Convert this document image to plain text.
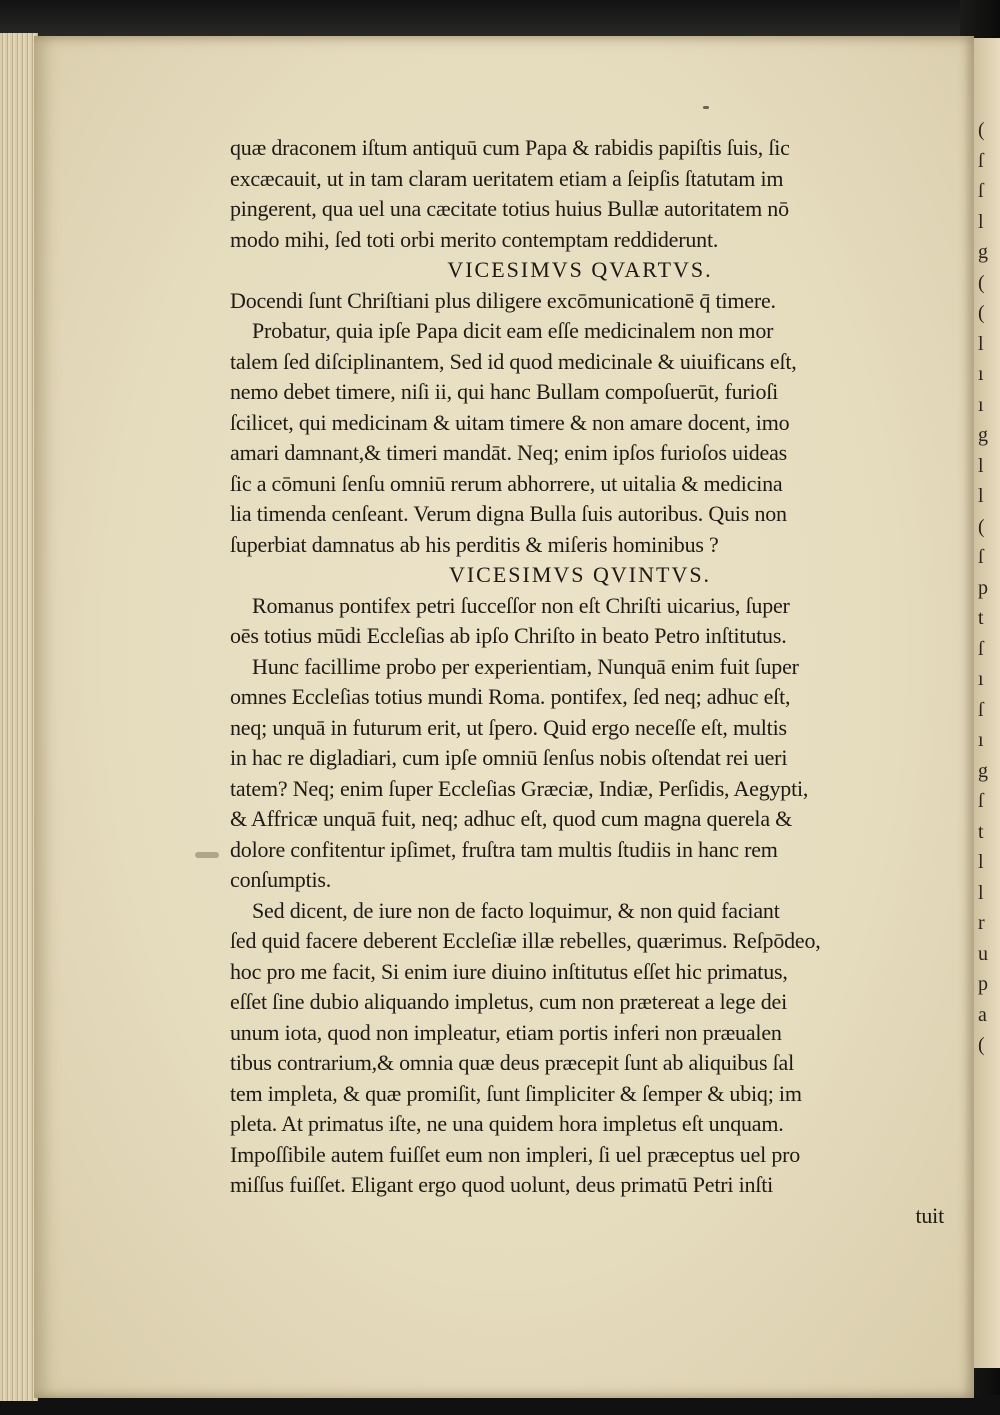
quæ draconem iſtum antiquū cum Papa & rabidis papiſtis ſuis, ſic
excæcauit, ut in tam claram ueritatem etiam a ſeipſis ſtatutam im
pingerent, qua uel una cæcitate totius huius Bullæ autoritatem nō
modo mihi, ſed toti orbi merito contemptam reddiderunt.
VICESIMVS QVARTVS.
Docendi ſunt Chriſtiani plus diligere excōmunicationē q̄ timere.
Probatur, quia ipſe Papa dicit eam eſſe medicinalem non mor
talem ſed diſciplinantem, Sed id quod medicinale & uiuificans eſt,
nemo debet timere, niſi ii, qui hanc Bullam compoſuerūt, furioſi
ſcilicet, qui medicinam & uitam timere & non amare docent, imo
amari damnant,& timeri mandāt. Neq; enim ipſos furioſos uideas
ſic a cōmuni ſenſu omniū rerum abhorrere, ut uitalia & medicina
lia timenda cenſeant. Verum digna Bulla ſuis autoribus. Quis non
ſuperbiat damnatus ab his perditis & miſeris hominibus ?
VICESIMVS QVINTVS.
Romanus pontifex petri ſucceſſor non eſt Chriſti uicarius, ſuper
oēs totius mūdi Eccleſias ab ipſo Chriſto in beato Petro inſtitutus.
Hunc facillime probo per experientiam, Nunquā enim fuit ſuper
omnes Eccleſias totius mundi Roma. pontifex, ſed neq; adhuc eſt,
neq; unquā in futurum erit, ut ſpero. Quid ergo neceſſe eſt, multis
in hac re digladiari, cum ipſe omniū ſenſus nobis oſtendat rei ueri
tatem? Neq; enim ſuper Eccleſias Græciæ, Indiæ, Perſidis, Aegypti,
& Affricæ unquā fuit, neq; adhuc eſt, quod cum magna querela &
dolore confitentur ipſimet, fruſtra tam multis ſtudiis in hanc rem
conſumptis.
Sed dicent, de iure non de facto loquimur, & non quid faciant
ſed quid facere deberent Eccleſiæ illæ rebelles, quærimus. Reſpōdeo,
hoc pro me facit, Si enim iure diuino inſtitutus eſſet hic primatus,
eſſet ſine dubio aliquando impletus, cum non prætereat a lege dei
unum iota, quod non impleatur, etiam portis inferi non præualen
tibus contrarium,& omnia quæ deus præcepit ſunt ab aliquibus ſal
tem impleta, & quæ promiſit, ſunt ſimpliciter & ſemper & ubiq; im
pleta. At primatus iſte, ne una quidem hora impletus eſt unquam.
Impoſſibile autem fuiſſet eum non impleri, ſi uel præceptus uel pro
miſſus fuiſſet. Eligant ergo quod uolunt, deus primatū Petri inſti
tuit
(
ſ
ſ
l
g
(
(
l
ı
ı
g
l
l
(
ſ
p
t
ſ
ı
ſ
ı
g
ſ
t
l
l
r
u
p
a
(
